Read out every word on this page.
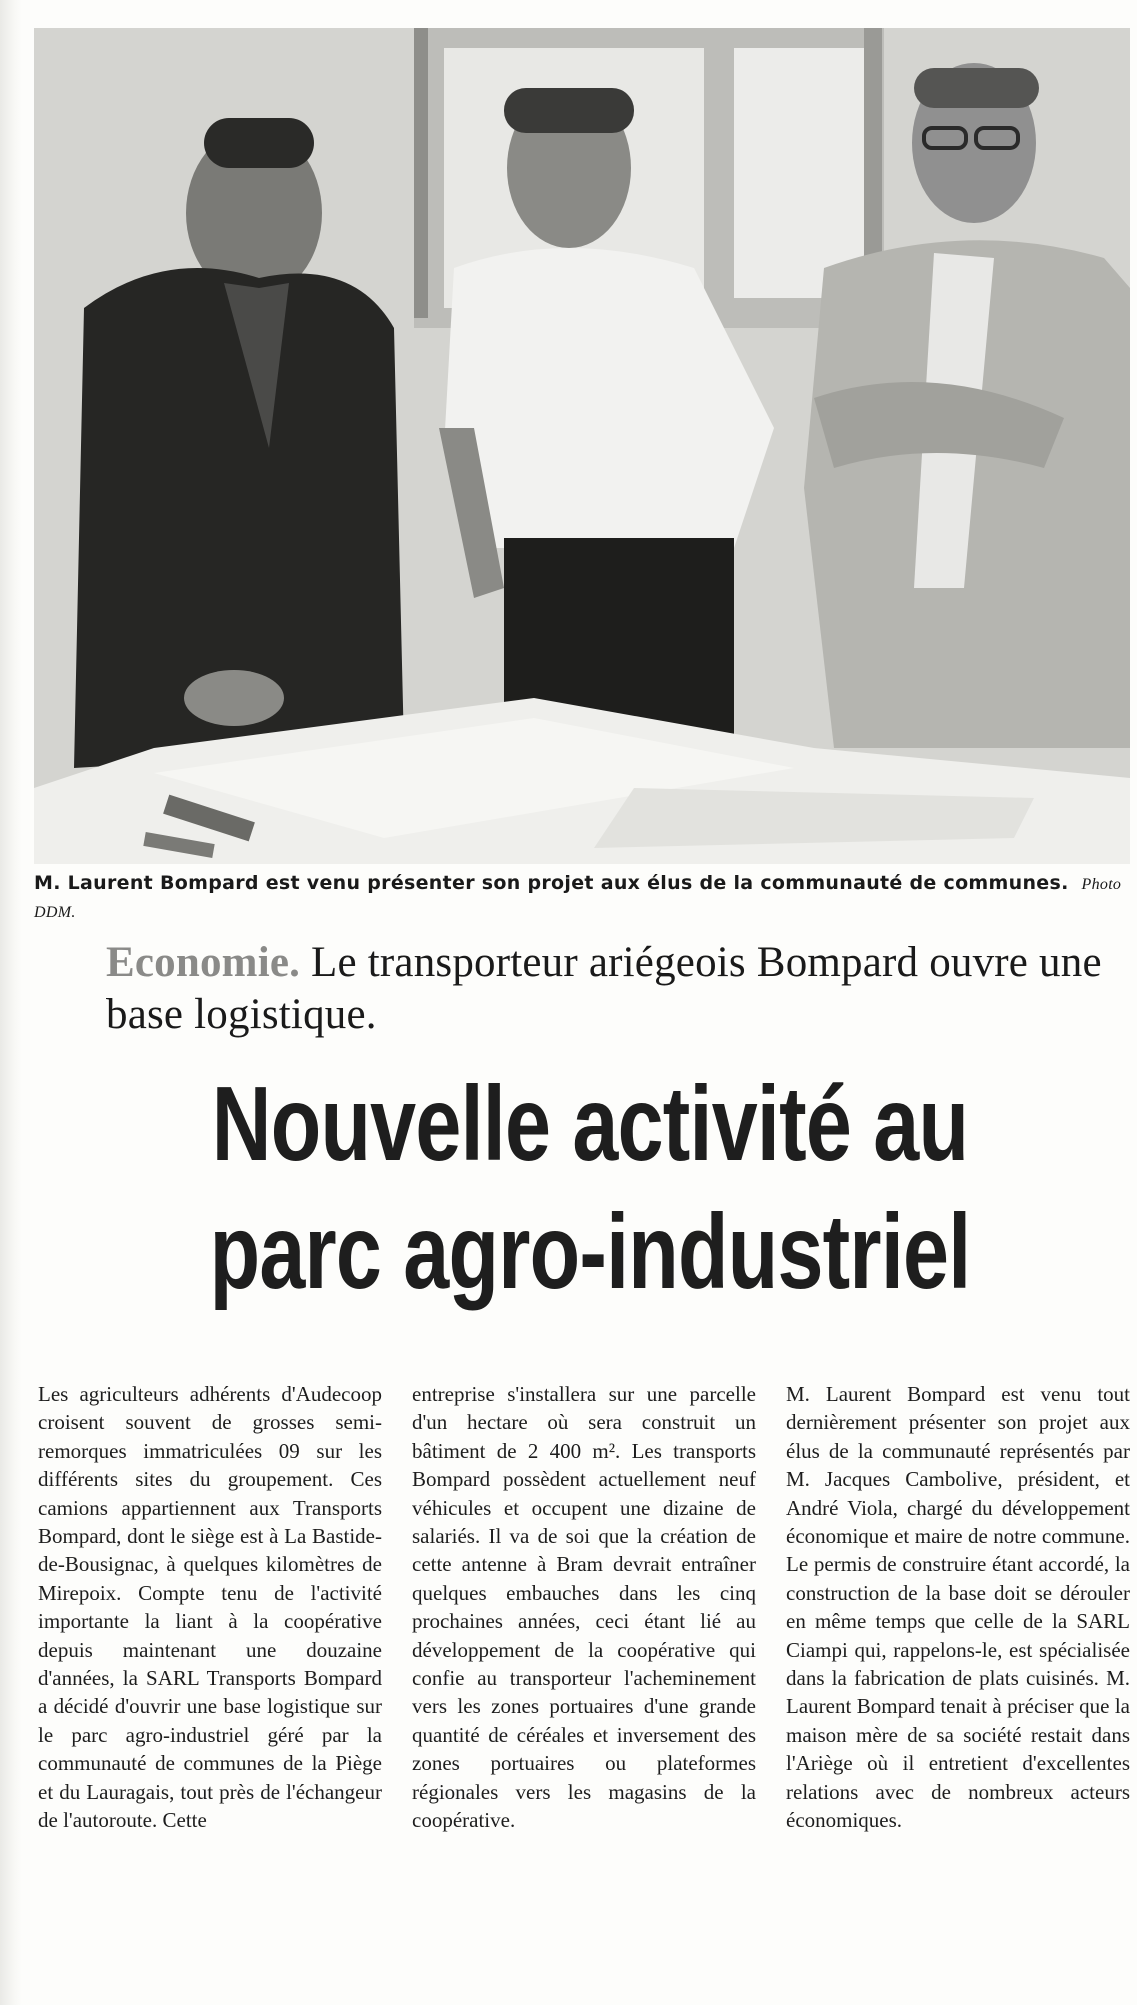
M. Laurent Bompard est venu présenter son projet aux élus de la communauté de communes. Photo DDM.
Economie. Le transporteur ariégeois Bompard ouvre une base logistique.
Nouvelle activité au parc agro-industriel
Les agriculteurs adhérents d'Audecoop croisent souvent de grosses semi-remorques immatriculées 09 sur les différents sites du groupement. Ces camions appartiennent aux Transports Bompard, dont le siège est à La Bastide-de-Bousignac, à quelques kilomètres de Mirepoix. Compte tenu de l'activité importante la liant à la coopérative depuis maintenant une douzaine d'années, la SARL Transports Bompard a décidé d'ouvrir une base logistique sur le parc agro-industriel géré par la communauté de communes de la Piège et du Lauragais, tout près de l'échangeur de l'autoroute. Cette
entreprise s'installera sur une parcelle d'un hectare où sera construit un bâtiment de 2 400 m². Les transports Bompard possèdent actuellement neuf véhicules et occupent une dizaine de salariés. Il va de soi que la création de cette antenne à Bram devrait entraîner quelques embauches dans les cinq prochaines années, ceci étant lié au développement de la coopérative qui confie au transporteur l'acheminement vers les zones portuaires d'une grande quantité de céréales et inversement des zones portuaires ou plateformes régionales vers les magasins de la coopérative.
M. Laurent Bompard est venu tout dernièrement présenter son projet aux élus de la communauté représentés par M. Jacques Cambolive, président, et André Viola, chargé du développement économique et maire de notre commune. Le permis de construire étant accordé, la construction de la base doit se dérouler en même temps que celle de la SARL Ciampi qui, rappelons-le, est spécialisée dans la fabrication de plats cuisinés. M. Laurent Bompard tenait à préciser que la maison mère de sa société restait dans l'Ariège où il entretient d'excellentes relations avec de nombreux acteurs économiques.
